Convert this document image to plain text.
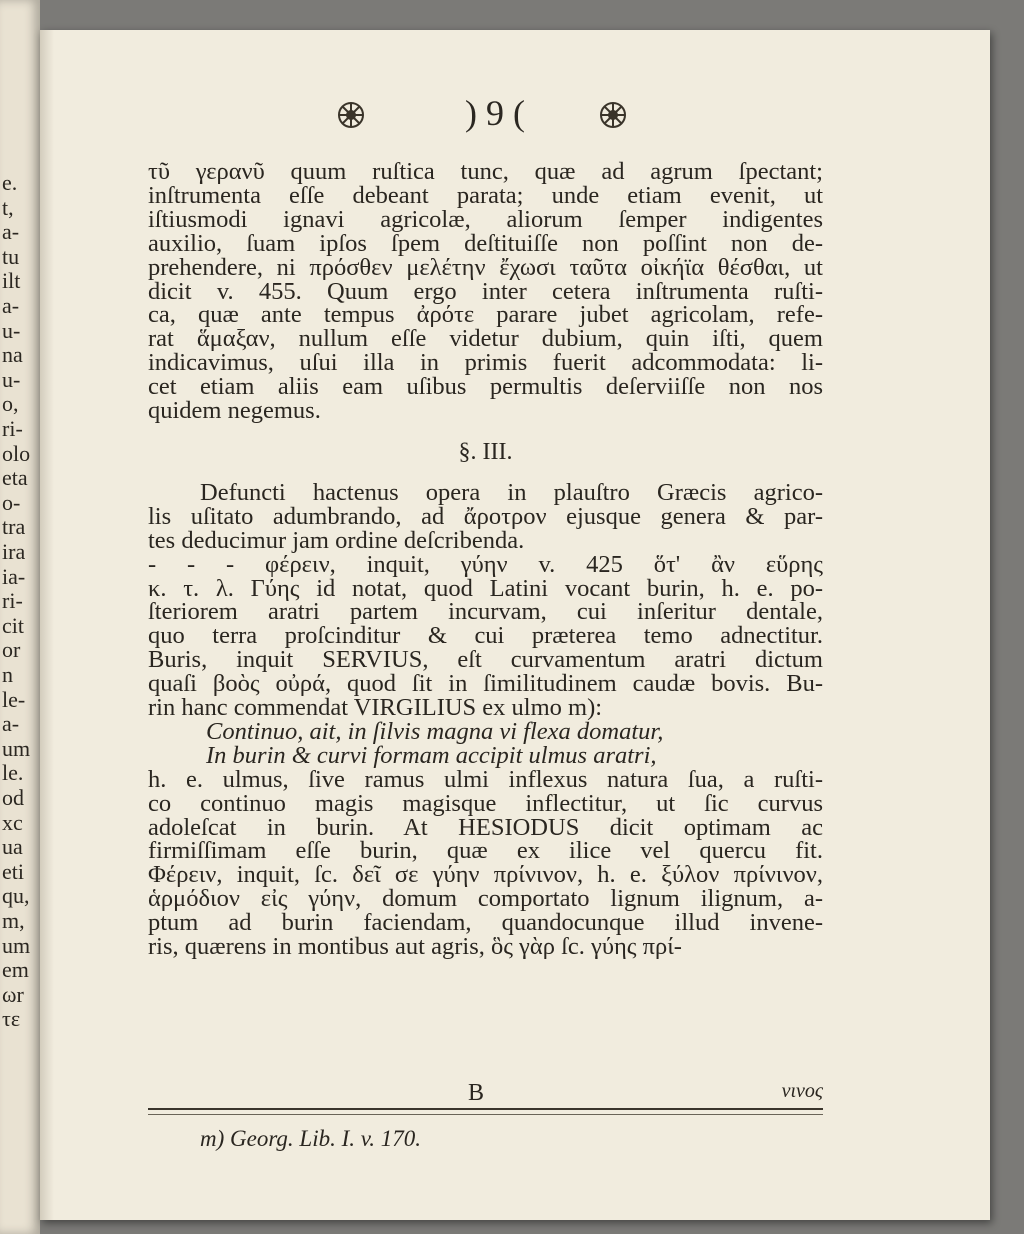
e.
t,
a-
tu
ilt
a-
u-
na
u-
o,
ri-
olo
eta
o-
tra
ira
ia-
ri-
cit
or
n
le-
a-
um
le.
od
xc
ua
eti
qu,
m,
um
em
ωr
τε
) 9 (
τῦ γερανῦ quum ruſtica tunc, quæ ad agrum ſpectant;
inſtrumenta eſſe debeant parata; unde etiam evenit, ut
iſtiusmodi ignavi agricolæ, aliorum ſemper indigentes
auxilio, ſuam ipſos ſpem deſtituiſſe non poſſint non de-
prehendere, ni πρόσθεν μελέτην ἔχωσι ταῦτα οἰκήϊα θέσθαι, ut
dicit v. 455. Quum ergo inter cetera inſtrumenta ruſti-
ca, quæ ante tempus ἀρότε parare jubet agricolam, refe-
rat ἅμαξαν, nullum eſſe videtur dubium, quin iſti, quem
indicavimus, uſui illa in primis fuerit adcommodata: li-
cet etiam aliis eam uſibus permultis deſerviiſſe non nos
quidem negemus.
§. III.
Defuncti hactenus opera in plauſtro Græcis agrico-
lis uſitato adumbrando, ad ἄροτρον ejusque genera & par-
tes deducimur jam ordine deſcribenda.
- - - φέρειν, inquit, γύην v. 425 ὅτ' ἂν εὕρης
κ. τ. λ. Γύης id notat, quod Latini vocant burin, h. e. po-
ſteriorem aratri partem incurvam, cui inſeritur dentale,
quo terra proſcinditur & cui præterea temo adnectitur.
Buris, inquit SERVIUS, eſt curvamentum aratri dictum
quaſi βοὸς οὐρά, quod ſit in ſimilitudinem caudæ bovis. Bu-
rin hanc commendat VIRGILIUS ex ulmo m):
Continuo, ait, in ſilvis magna vi flexa domatur,
In burin & curvi formam accipit ulmus aratri,
h. e. ulmus, ſive ramus ulmi inflexus natura ſua, a ruſti-
co continuo magis magisque inflectitur, ut ſic curvus
adoleſcat in burin. At HESIODUS dicit optimam ac
firmiſſimam eſſe burin, quæ ex ilice vel quercu fit.
Φέρειν, inquit, ſc. δεῖ σε γύην πρίνινον, h. e. ξύλον πρίνινον,
ἁρμόδιον εἰς γύην, domum comportato lignum ilignum, a-
ptum ad burin faciendam, quandocunque illud invene-
ris, quærens in montibus aut agris, ὃς γὰρ ſc. γύης πρί-
B	νινος
m) Georg. Lib. I. v. 170.
